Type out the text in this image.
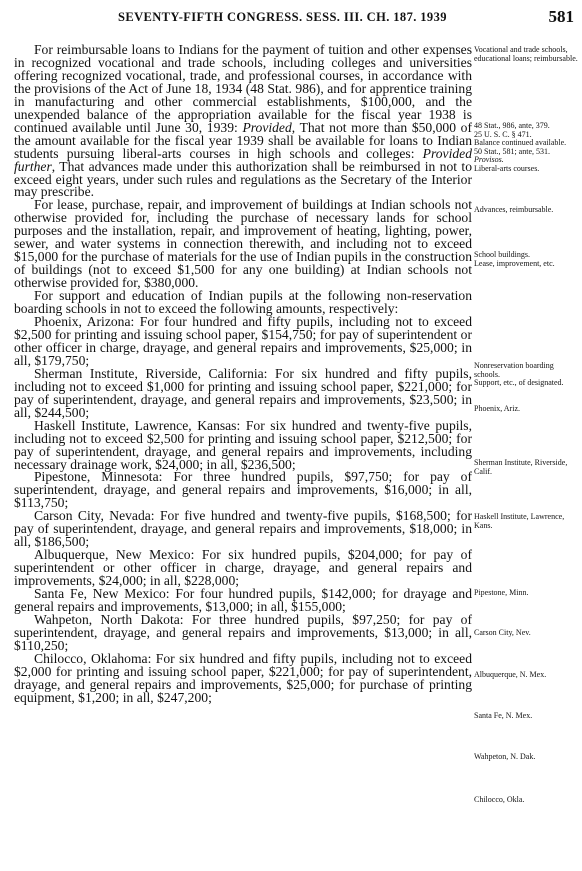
SEVENTY-FIFTH CONGRESS. SESS. III. CH. 187. 1939	581

For reimbursable loans to Indians for the payment of tuition and other expenses in recognized vocational and trade schools, including colleges and universities offering recognized vocational, trade, and professional courses, in accordance with the provisions of the Act of June 18, 1934 (48 Stat. 986), and for apprentice training in manufacturing and other commercial establishments, $100,000, and the unexpended balance of the appropriation available for the fiscal year 1938 is continued available until June 30, 1939: Provided, That not more than $50,000 of the amount available for the fiscal year 1939 shall be available for loans to Indian students pursuing liberal-arts courses in high schools and colleges: Provided further, That advances made under this authorization shall be reimbursed in not to exceed eight years, under such rules and regulations as the Secretary of the Interior may prescribe.

For lease, purchase, repair, and improvement of buildings at Indian schools not otherwise provided for, including the purchase of necessary lands for school purposes and the installation, repair, and improvement of heating, lighting, power, sewer, and water systems in connection therewith, and including not to exceed $15,000 for the purchase of materials for the use of Indian pupils in the construction of buildings (not to exceed $1,500 for any one building) at Indian schools not otherwise provided for, $380,000.

For support and education of Indian pupils at the following non-reservation boarding schools in not to exceed the following amounts, respectively:

Phoenix, Arizona: For four hundred and fifty pupils, including not to exceed $2,500 for printing and issuing school paper, $154,750; for pay of superintendent or other officer in charge, drayage, and general repairs and improvements, $25,000; in all, $179,750;

Sherman Institute, Riverside, California: For six hundred and fifty pupils, including not to exceed $1,000 for printing and issuing school paper, $221,000; for pay of superintendent, drayage, and general repairs and improvements, $23,500; in all, $244,500;

Haskell Institute, Lawrence, Kansas: For six hundred and twenty-five pupils, including not to exceed $2,500 for printing and issuing school paper, $212,500; for pay of superintendent, drayage, and general repairs and improvements, including necessary drainage work, $24,000; in all, $236,500;

Pipestone, Minnesota: For three hundred pupils, $97,750; for pay of superintendent, drayage, and general repairs and improvements, $16,000; in all, $113,750;

Carson City, Nevada: For five hundred and twenty-five pupils, $168,500; for pay of superintendent, drayage, and general repairs and improvements, $18,000; in all, $186,500;

Albuquerque, New Mexico: For six hundred pupils, $204,000; for pay of superintendent or other officer in charge, drayage, and general repairs and improvements, $24,000; in all, $228,000;

Santa Fe, New Mexico: For four hundred pupils, $142,000; for drayage and general repairs and improvements, $13,000; in all, $155,000;

Wahpeton, North Dakota: For three hundred pupils, $97,250; for pay of superintendent, drayage, and general repairs and improvements, $13,000; in all, $110,250;

Chilocco, Oklahoma: For six hundred and fifty pupils, including not to exceed $2,000 for printing and issuing school paper, $221,000; for pay of superintendent, drayage, and general repairs and improvements, $25,000; for purchase of printing equipment, $1,200; in all, $247,200;

Vocational and trade schools, educational loans; reimbursable.
48 Stat., 986, ante, 379.
25 U. S. C. § 471.
Balance continued available.
50 Stat., 581; ante, 531.
Provisos.
Liberal-arts courses.
Advances, reimbursable.
School buildings.
Lease, improvement, etc.
Nonreservation boarding schools.
Support, etc., of designated.
Phoenix, Ariz.
Sherman Institute, Riverside, Calif.
Haskell Institute, Lawrence, Kans.
Pipestone, Minn.
Carson City, Nev.
Albuquerque, N. Mex.
Santa Fe, N. Mex.
Wahpeton, N. Dak.
Chilocco, Okla.
